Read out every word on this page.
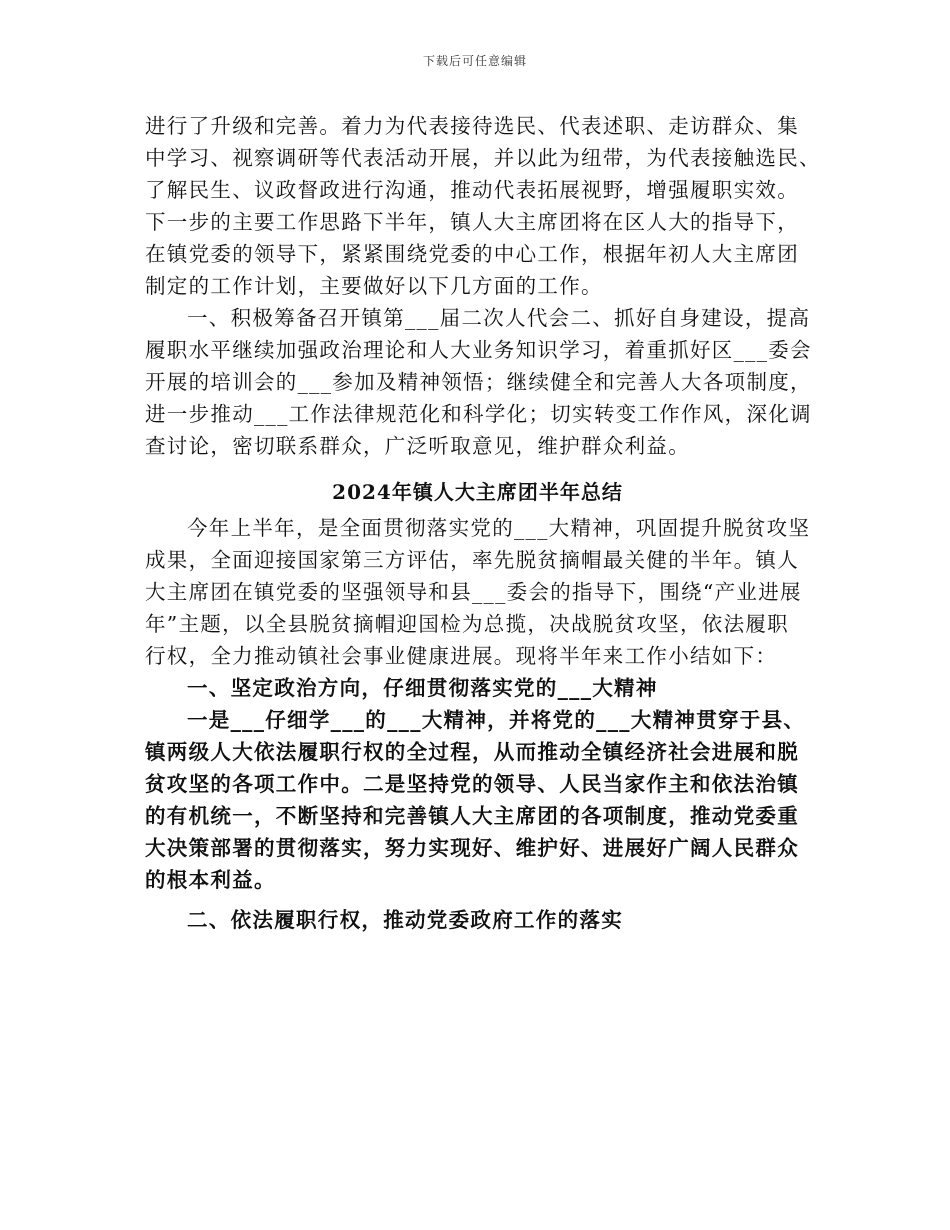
下载后可任意编辑
进行了升级和完善。着力为代表接待选民、代表述职、走访群众、集
中学习、视察调研等代表活动开展，并以此为纽带，为代表接触选民、
了解民生、议政督政进行沟通，推动代表拓展视野，增强履职实效。
下一步的主要工作思路下半年，镇人大主席团将在区人大的指导下，
在镇党委的领导下，紧紧围绕党委的中心工作，根据年初人大主席团
制定的工作计划，主要做好以下几方面的工作。
一、积极筹备召开镇第___届二次人代会二、抓好自身建设，提高
履职水平继续加强政治理论和人大业务知识学习，着重抓好区___委会
开展的培训会的___参加及精神领悟；继续健全和完善人大各项制度，
进一步推动___工作法律规范化和科学化；切实转变工作作风，深化调
查讨论，密切联系群众，广泛听取意见，维护群众利益。
2024年镇人大主席团半年总结
今年上半年，是全面贯彻落实党的___大精神，巩固提升脱贫攻坚
成果，全面迎接国家第三方评估，率先脱贫摘帽最关健的半年。镇人
大主席团在镇党委的坚强领导和县___委会的指导下，围绕“产业进展
年”主题，以全县脱贫摘帽迎国检为总揽，决战脱贫攻坚，依法履职
行权，全力推动镇社会事业健康进展。现将半年来工作小结如下：
一、坚定政治方向，仔细贯彻落实党的___大精神
一是___仔细学___的___大精神，并将党的___大精神贯穿于县、
镇两级人大依法履职行权的全过程，从而推动全镇经济社会进展和脱
贫攻坚的各项工作中。二是坚持党的领导、人民当家作主和依法治镇
的有机统一，不断坚持和完善镇人大主席团的各项制度，推动党委重
大决策部署的贯彻落实，努力实现好、维护好、进展好广阔人民群众
的根本利益。
二、依法履职行权，推动党委政府工作的落实
